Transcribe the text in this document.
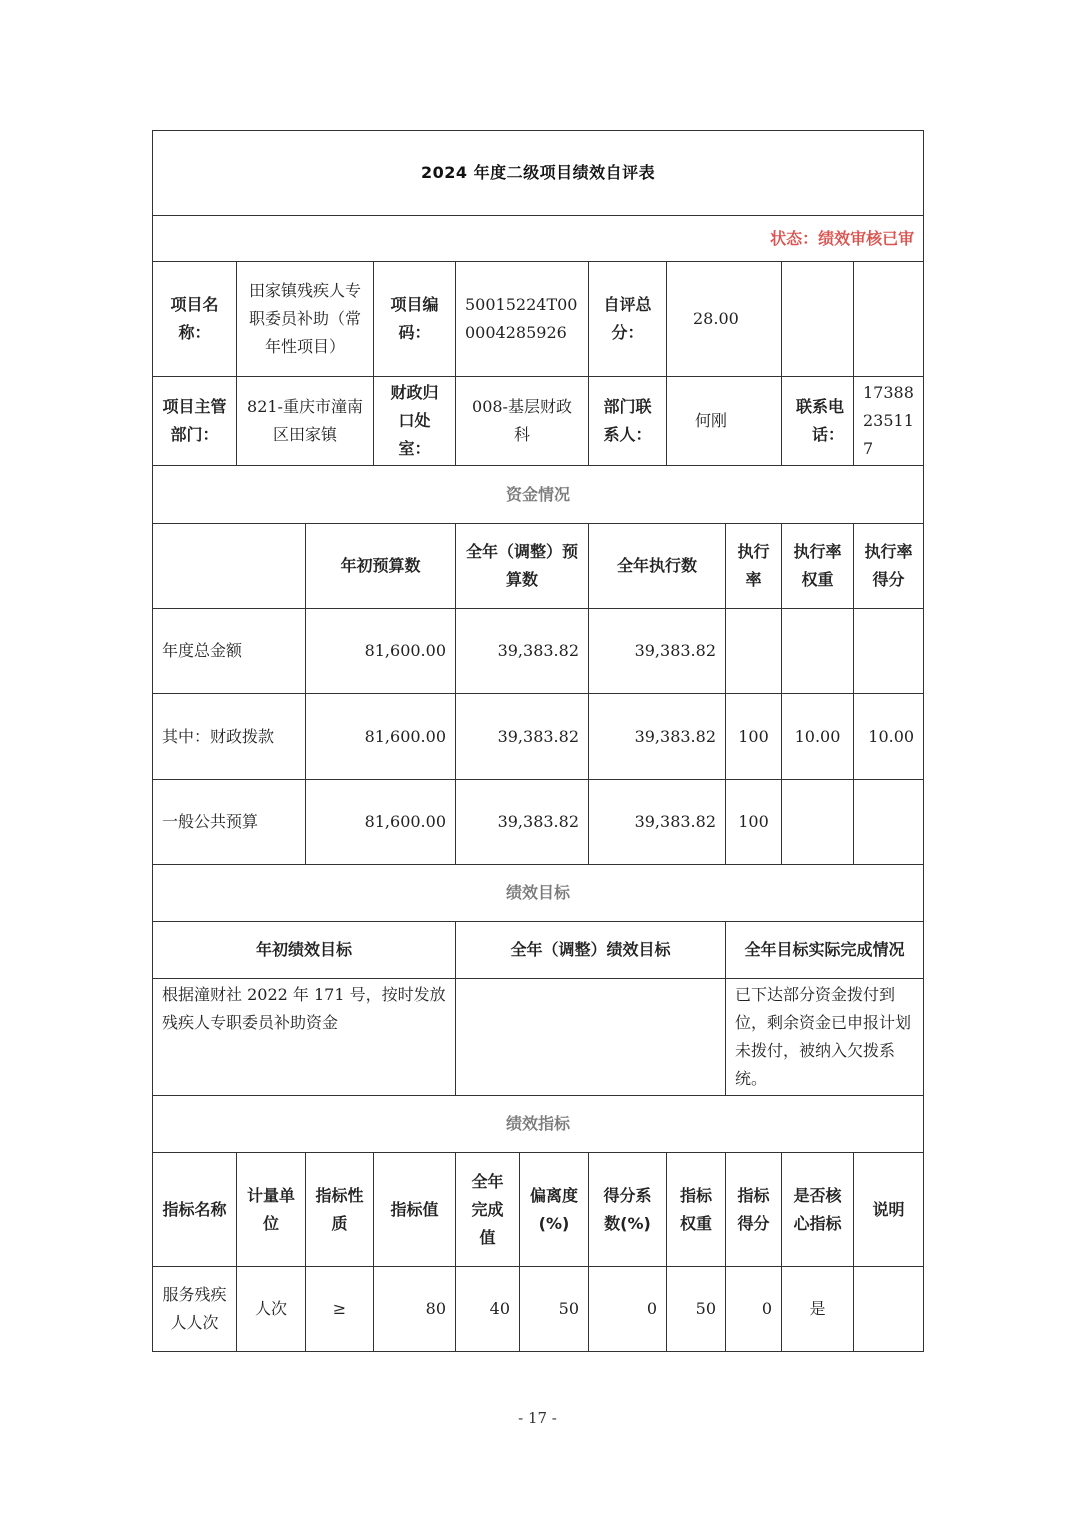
2024 年度二级项目绩效自评表										
状态：绩效审核已审										
项目名称：	田家镇残疾人专职委员补助（常年性项目）		项目编码：	50015224T000004285926		自评总分：	28.00			
项目主管部门：	821-重庆市潼南区田家镇		财政归口处室：	008-基层财政科		部门联系人：	何刚		联系电话：	17388235117
资金情况										
		年初预算数		全年（调整）预算数		全年执行数		执行率	执行率权重	执行率得分
年度总金额		81,600.00		39,383.82		39,383.82				
其中：财政拨款		81,600.00		39,383.82		39,383.82		100	10.00	10.00
一般公共预算		81,600.00		39,383.82		39,383.82		100		
绩效目标										
年初绩效目标				全年（调整）绩效目标				全年目标实际完成情况		
根据潼财社 2022 年 171 号，按时发放残疾人专职委员补助资金								已下达部分资金拨付到位，剩余资金已申报计划未拨付，被纳入欠拨系统。		
绩效指标										
指标名称	计量单位	指标性质	指标值	全年完成值	偏离度(%)	得分系数(%)	指标权重	指标得分	是否核心指标	说明
服务残疾人人次	人次	≥	80	40	50	0	50	0	是	
- 17 -
